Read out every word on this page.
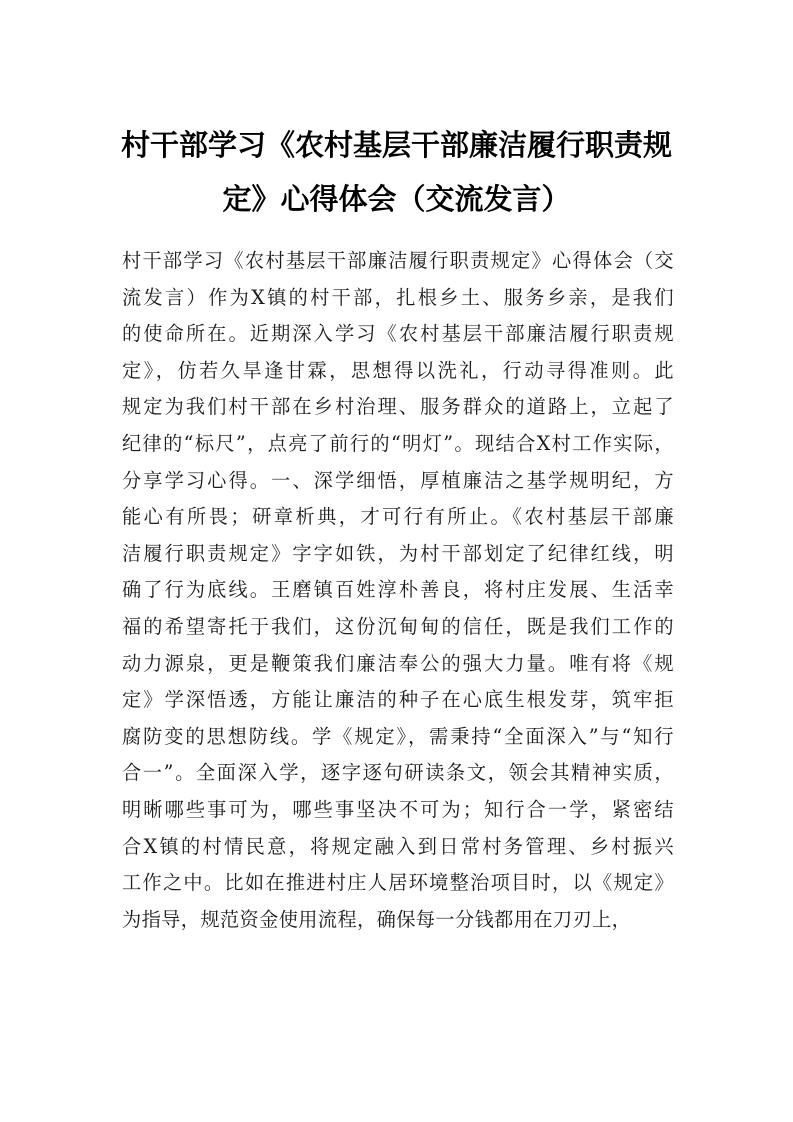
村干部学习《农村基层干部廉洁履行职责规
定》心得体会（交流发言）
村干部学习《农村基层干部廉洁履行职责规定》心得体会（交
流发言）作为X镇的村干部，扎根乡土、服务乡亲，是我们
的使命所在。近期深入学习《农村基层干部廉洁履行职责规
定》，仿若久旱逢甘霖，思想得以洗礼，行动寻得准则。此
规定为我们村干部在乡村治理、服务群众的道路上，立起了
纪律的“标尺”，点亮了前行的“明灯”。现结合X村工作实际，
分享学习心得。一、深学细悟，厚植廉洁之基学规明纪，方
能心有所畏；研章析典，才可行有所止。《农村基层干部廉
洁履行职责规定》字字如铁，为村干部划定了纪律红线，明
确了行为底线。王磨镇百姓淳朴善良，将村庄发展、生活幸
福的希望寄托于我们，这份沉甸甸的信任，既是我们工作的
动力源泉，更是鞭策我们廉洁奉公的强大力量。唯有将《规
定》学深悟透，方能让廉洁的种子在心底生根发芽，筑牢拒
腐防变的思想防线。学《规定》，需秉持“全面深入”与“知行
合一”。全面深入学，逐字逐句研读条文，领会其精神实质，
明晰哪些事可为，哪些事坚决不可为；知行合一学，紧密结
合X镇的村情民意，将规定融入到日常村务管理、乡村振兴
工作之中。比如在推进村庄人居环境整治项目时，以《规定》
为指导，规范资金使用流程，确保每一分钱都用在刀刃上，
